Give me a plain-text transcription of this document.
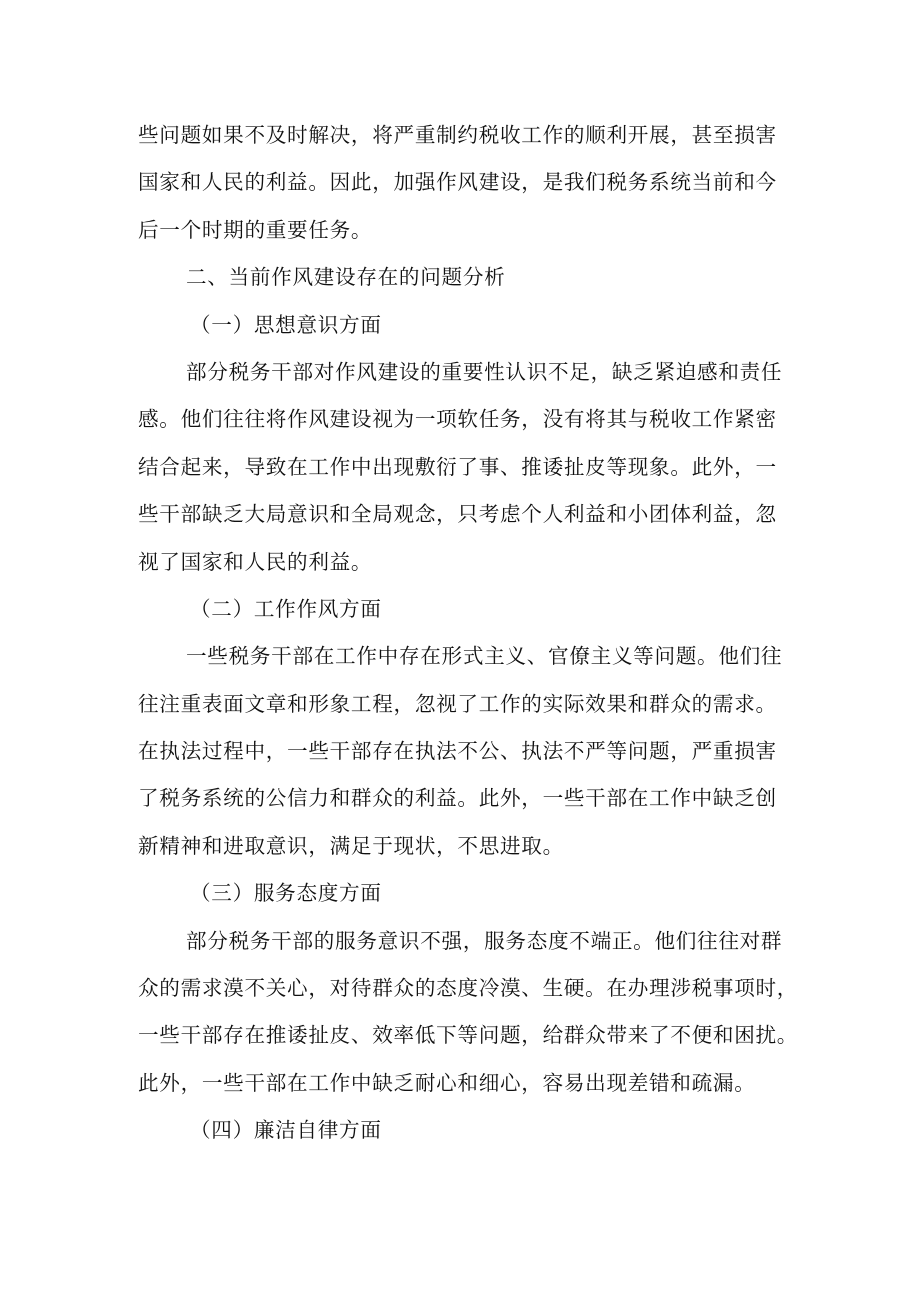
些问题如果不及时解决，将严重制约税收工作的顺利开展，甚至损害
国家和人民的利益。因此，加强作风建设，是我们税务系统当前和今
后一个时期的重要任务。
二、当前作风建设存在的问题分析
（一）思想意识方面
部分税务干部对作风建设的重要性认识不足，缺乏紧迫感和责任
感。他们往往将作风建设视为一项软任务，没有将其与税收工作紧密
结合起来，导致在工作中出现敷衍了事、推诿扯皮等现象。此外，一
些干部缺乏大局意识和全局观念，只考虑个人利益和小团体利益，忽
视了国家和人民的利益。
（二）工作作风方面
一些税务干部在工作中存在形式主义、官僚主义等问题。他们往
往注重表面文章和形象工程，忽视了工作的实际效果和群众的需求。
在执法过程中，一些干部存在执法不公、执法不严等问题，严重损害
了税务系统的公信力和群众的利益。此外，一些干部在工作中缺乏创
新精神和进取意识，满足于现状，不思进取。
（三）服务态度方面
部分税务干部的服务意识不强，服务态度不端正。他们往往对群
众的需求漠不关心，对待群众的态度冷漠、生硬。在办理涉税事项时，
一些干部存在推诿扯皮、效率低下等问题，给群众带来了不便和困扰。
此外，一些干部在工作中缺乏耐心和细心，容易出现差错和疏漏。
（四）廉洁自律方面
